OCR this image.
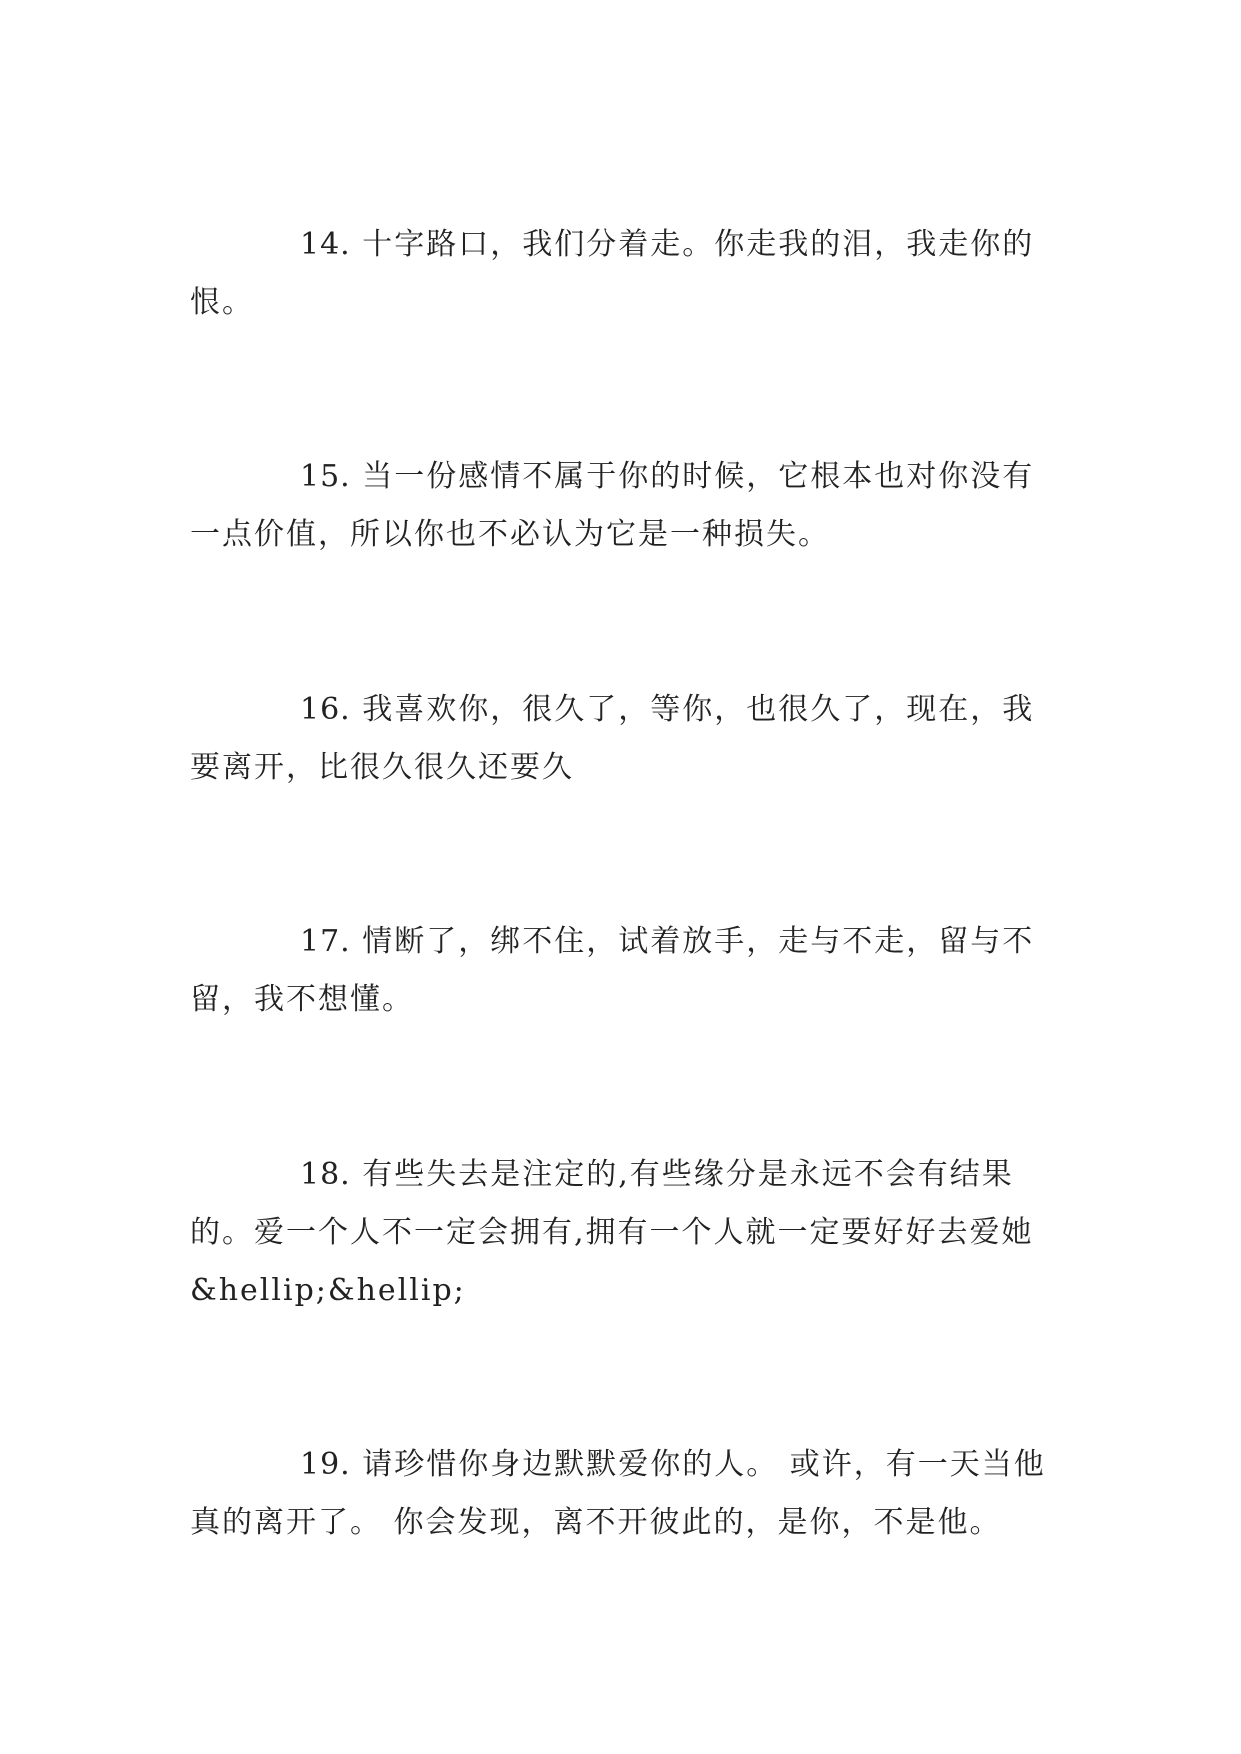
14. 十字路口，我们分着走。你走我的泪，我走你的恨。

15. 当一份感情不属于你的时候，它根本也对你没有一点价值，所以你也不必认为它是一种损失。

16. 我喜欢你，很久了，等你，也很久了，现在，我要离开，比很久很久还要久

17. 情断了，绑不住，试着放手，走与不走，留与不留，我不想懂。

18. 有些失去是注定的,有些缘分是永远不会有结果的。爱一个人不一定会拥有,拥有一个人就一定要好好去爱她&hellip;&hellip;

19. 请珍惜你身边默默爱你的人。 或许，有一天当他真的离开了。 你会发现，离不开彼此的，是你，不是他。
